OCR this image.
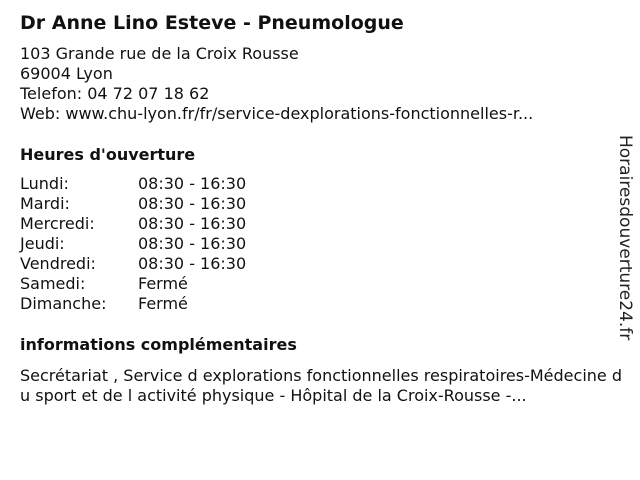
Dr Anne Lino Esteve - Pneumologue
103 Grande rue de la Croix Rousse
69004 Lyon
Telefon: 04 72 07 18 62
Web: www.chu-lyon.fr/fr/service-dexplorations-fonctionnelles-r...
Heures d'ouverture
Lundi:	08:30 - 16:30
Mardi:	08:30 - 16:30
Mercredi:	08:30 - 16:30
Jeudi:	08:30 - 16:30
Vendredi:	08:30 - 16:30
Samedi:	Fermé
Dimanche:	Fermé
informations complémentaires
Secrétariat , Service d explorations fonctionnelles respiratoires-Médecine du sport et de l activité physique - Hôpital de la Croix-Rousse -...
Horairesdouverture24.fr
